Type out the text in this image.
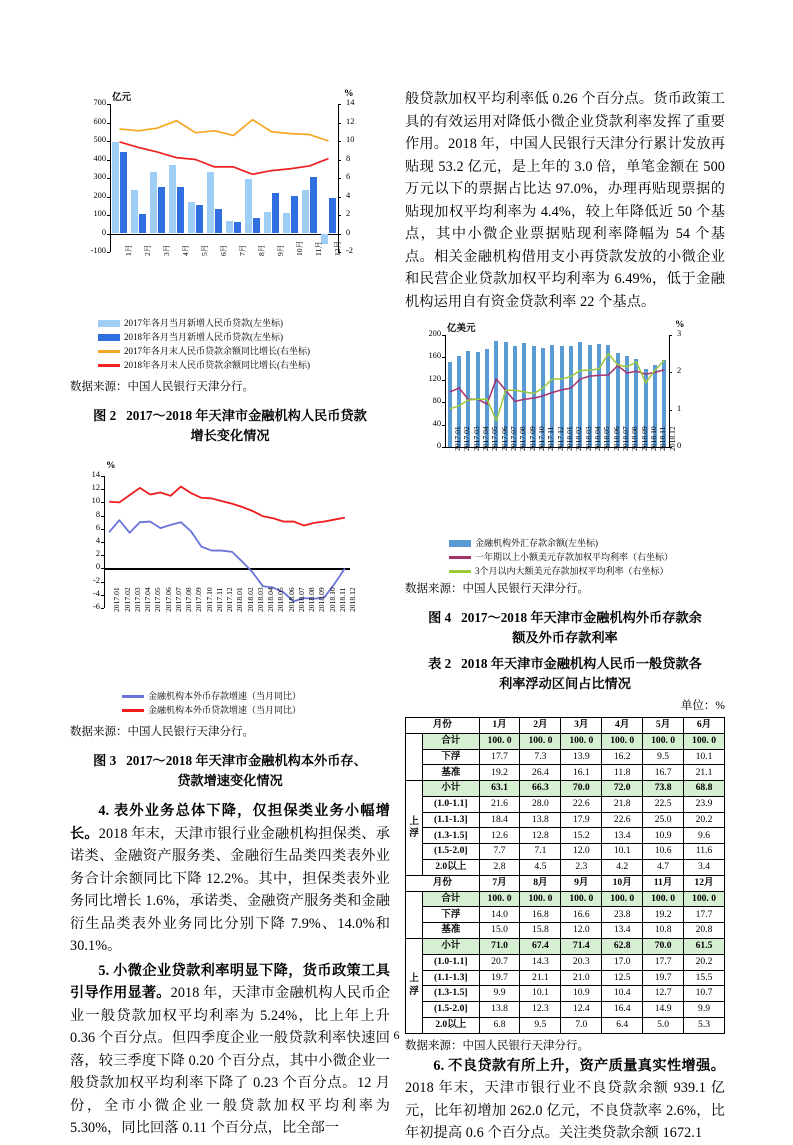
亿元	%
-100
0
100
200
300
400
500
600
700
-2
0
2
4
6
8
10
12
14
1月 2月 3月 4月 5月 6月 7月 8月 9月 10月 11月 12月
2017年各月当月新增人民币贷款(左坐标)
2018年各月当月新增人民币贷款(左坐标)
2017年各月末人民币贷款余额同比增长(右坐标)
2018年各月末人民币贷款余额同比增长(右坐标)
数据来源：中国人民银行天津分行。
图 2 2017～2018 年天津市金融机构人民币贷款
增长变化情况
%
-6
-4
-2
0
2
4
6
8
10
12
14
2017.01 2017.02 2017.03 2017.04 2017.05 2017.06 2017.07 2017.08 2017.09 2017.10 2017.11 2017.12 2018.01 2018.02 2018.03 2018.04 2018.05 2018.06 2018.07 2018.08 2018.09 2018.10 2018.11 2018.12
金融机构本外币存款增速（当月同比）
金融机构本外币贷款增速（当月同比）
数据来源：中国人民银行天津分行。
图 3 2017～2018 年天津市金融机构本外币存、
贷款增速变化情况

4. 表外业务总体下降，仅担保类业务小幅增长。2018 年末，天津市银行业金融机构担保类、承诺类、金融资产服务类、金融衍生品类四类表外业务合计余额同比下降 12.2%。其中，担保类表外业务同比增长 1.6%，承诺类、金融资产服务类和金融衍生品类表外业务同比分别下降 7.9%、14.0%和 30.1%。

5. 小微企业贷款利率明显下降，货币政策工具引导作用显著。2018 年，天津市金融机构人民币企业一般贷款加权平均利率为 5.24%，比上年上升 0.36 个百分点。但四季度企业一般贷款利率快速回落，较三季度下降 0.20 个百分点，其中小微企业一般贷款加权平均利率下降了 0.23 个百分点。12 月份，全市小微企业一般贷款加权平均利率为 5.30%，同比回落 0.11 个百分点，比全部一

般贷款加权平均利率低 0.26 个百分点。货币政策工具的有效运用对降低小微企业贷款利率发挥了重要作用。2018 年，中国人民银行天津分行累计发放再贴现 53.2 亿元，是上年的 3.0 倍，单笔金额在 500 万元以下的票据占比达 97.0%，办理再贴现票据的贴现加权平均利率为 4.4%，较上年降低近 50 个基点，其中小微企业票据贴现利率降幅为 54 个基点。相关金融机构借用支小再贷款发放的小微企业和民营企业贷款加权平均利率为 6.49%，低于金融机构运用自有资金贷款利率 22 个基点。

亿美元	%
0
40
80
120
160
200
0
1
2
3
2017.01 2017.02 2017.03 2017.04 2017.05 2017.06 2017.07 2017.08 2017.09 2017.10 2017.11 2017.12 2018.01 2018.02 2018.03 2018.04 2018.05 2018.06 2018.07 2018.08 2018.09 2018.10 2018.11 2018.12
金融机构外汇存款余额(左坐标)
一年期以上小额美元存款加权平均利率（右坐标）
3个月以内大额美元存款加权平均利率（右坐标）
数据来源：中国人民银行天津分行。
图 4 2017～2018 年天津市金融机构外币存款余
额及外币存款利率
表 2 2018 年天津市金融机构人民币一般贷款各
利率浮动区间占比情况
单位：%
月份		1月	2月	3月	4月	5月	6月
	合计	100. 0	100. 0	100. 0	100. 0	100. 0	100. 0
	下浮	17.7	7.3	13.9	16.2	9.5	10.1
	基准	19.2	26.4	16.1	11.8	16.7	21.1
上
浮	小计	63.1	66.3	70.0	72.0	73.8	68.8
	(1.0-1.1]	21.6	28.0	22.6	21.8	22.5	23.9
	(1.1-1.3]	18.4	13.8	17.9	22.6	25.0	20.2
	(1.3-1.5]	12.6	12.8	15.2	13.4	10.9	9.6
	(1.5-2.0]	7.7	7.1	12.0	10.1	10.6	11.6
	2.0以上	2.8	4.5	2.3	4.2	4.7	3.4
月份		7月	8月	9月	10月	11月	12月
	合计	100. 0	100. 0	100. 0	100. 0	100. 0	100. 0
	下浮	14.0	16.8	16.6	23.8	19.2	17.7
	基准	15.0	15.8	12.0	13.4	10.8	20.8
上
浮	小计	71.0	67.4	71.4	62.8	70.0	61.5
	(1.0-1.1]	20.7	14.3	20.3	17.0	17.7	20.2
	(1.1-1.3]	19.7	21.1	21.0	12.5	19.7	15.5
	(1.3-1.5]	9.9	10.1	10.9	10.4	12.7	10.7
	(1.5-2.0]	13.8	12.3	12.4	16.4	14.9	9.9
	2.0以上	6.8	9.5	7.0	6.4	5.0	5.3
数据来源：中国人民银行天津分行。

6. 不良贷款有所上升，资产质量真实性增强。2018 年末，天津市银行业不良贷款余额 939.1 亿元，比年初增加 262.0 亿元，不良贷款率 2.6%，比年初提高 0.6 个百分点。关注类贷款余额 1672.1

6
